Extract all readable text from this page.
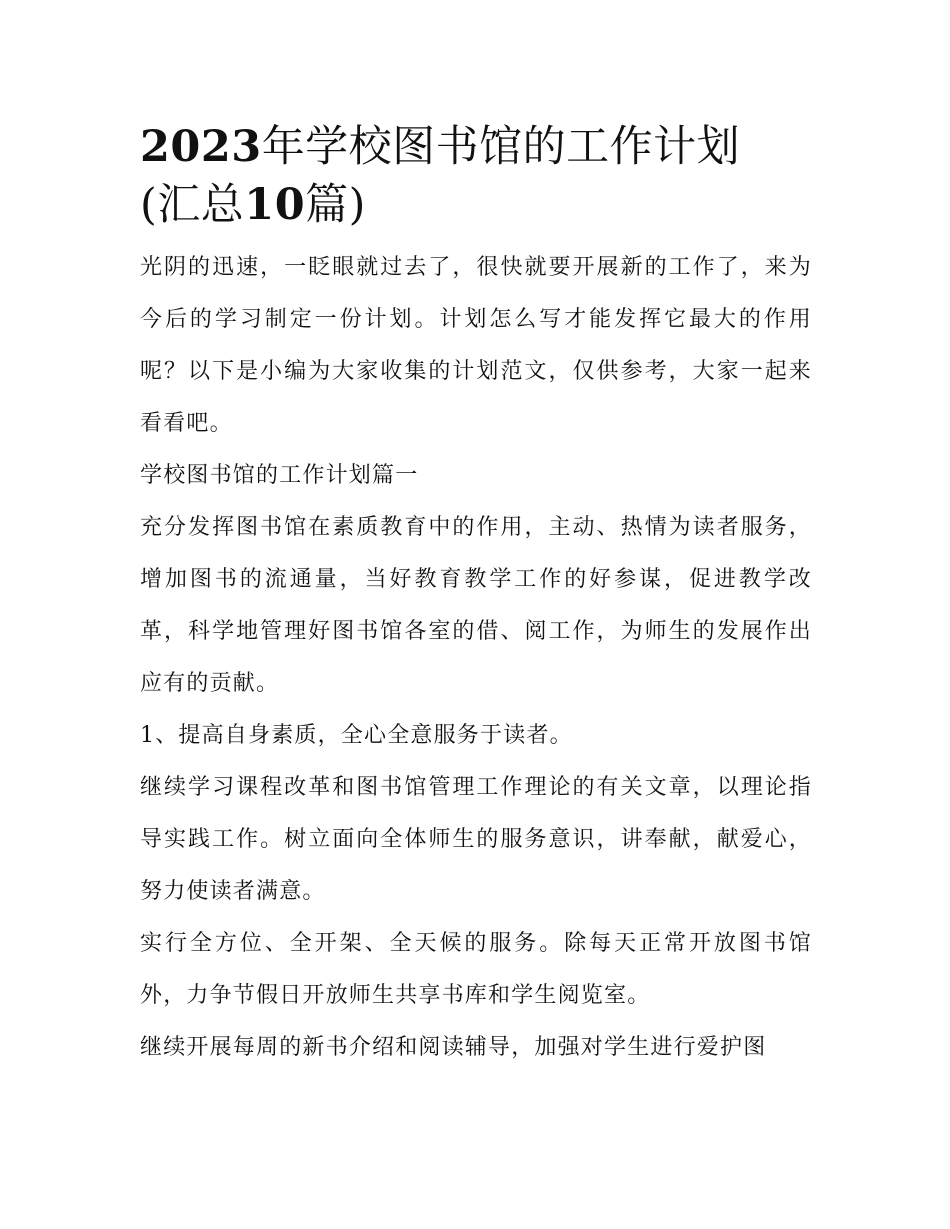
2023年学校图书馆的工作计划
(汇总10篇)

光阴的迅速，一眨眼就过去了，很快就要开展新的工作了，来为今后的学习制定一份计划。计划怎么写才能发挥它最大的作用呢？以下是小编为大家收集的计划范文，仅供参考，大家一起来看看吧。

学校图书馆的工作计划篇一

充分发挥图书馆在素质教育中的作用，主动、热情为读者服务，增加图书的流通量，当好教育教学工作的好参谋，促进教学改革，科学地管理好图书馆各室的借、阅工作，为师生的发展作出应有的贡献。

1、提高自身素质，全心全意服务于读者。

继续学习课程改革和图书馆管理工作理论的有关文章，以理论指导实践工作。树立面向全体师生的服务意识，讲奉献，献爱心，努力使读者满意。

实行全方位、全开架、全天候的服务。除每天正常开放图书馆外，力争节假日开放师生共享书库和学生阅览室。

继续开展每周的新书介绍和阅读辅导，加强对学生进行爱护图
